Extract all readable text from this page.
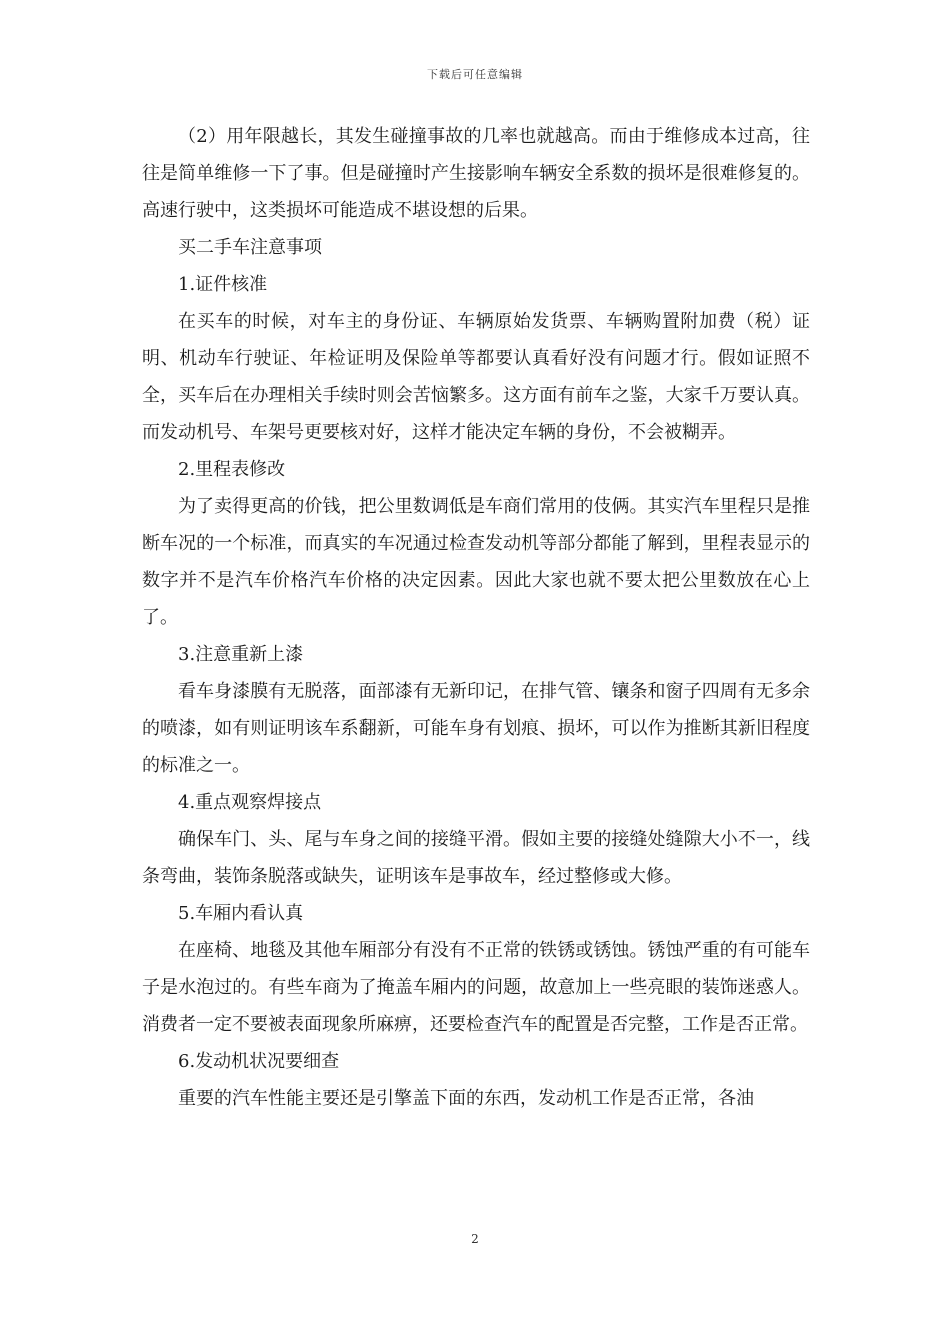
下载后可任意编辑

（2）用年限越长，其发生碰撞事故的几率也就越高。而由于维修成本过高，往往是简单维修一下了事。但是碰撞时产生接影响车辆安全系数的损坏是很难修复的。高速行驶中，这类损坏可能造成不堪设想的后果。

买二手车注意事项

1.证件核准

在买车的时候，对车主的身份证、车辆原始发货票、车辆购置附加费（税）证明、机动车行驶证、年检证明及保险单等都要认真看好没有问题才行。假如证照不全，买车后在办理相关手续时则会苦恼繁多。这方面有前车之鉴，大家千万要认真。而发动机号、车架号更要核对好，这样才能决定车辆的身份，不会被糊弄。

2.里程表修改

为了卖得更高的价钱，把公里数调低是车商们常用的伎俩。其实汽车里程只是推断车况的一个标准，而真实的车况通过检查发动机等部分都能了解到，里程表显示的数字并不是汽车价格汽车价格的决定因素。因此大家也就不要太把公里数放在心上了。

3.注意重新上漆

看车身漆膜有无脱落，面部漆有无新印记，在排气管、镶条和窗子四周有无多余的喷漆，如有则证明该车系翻新，可能车身有划痕、损坏，可以作为推断其新旧程度的标准之一。

4.重点观察焊接点

确保车门、头、尾与车身之间的接缝平滑。假如主要的接缝处缝隙大小不一，线条弯曲，装饰条脱落或缺失，证明该车是事故车，经过整修或大修。

5.车厢内看认真

在座椅、地毯及其他车厢部分有没有不正常的铁锈或锈蚀。锈蚀严重的有可能车子是水泡过的。有些车商为了掩盖车厢内的问题，故意加上一些亮眼的装饰迷惑人。消费者一定不要被表面现象所麻痹，还要检查汽车的配置是否完整，工作是否正常。

6.发动机状况要细查

重要的汽车性能主要还是引擎盖下面的东西，发动机工作是否正常，各油

2
